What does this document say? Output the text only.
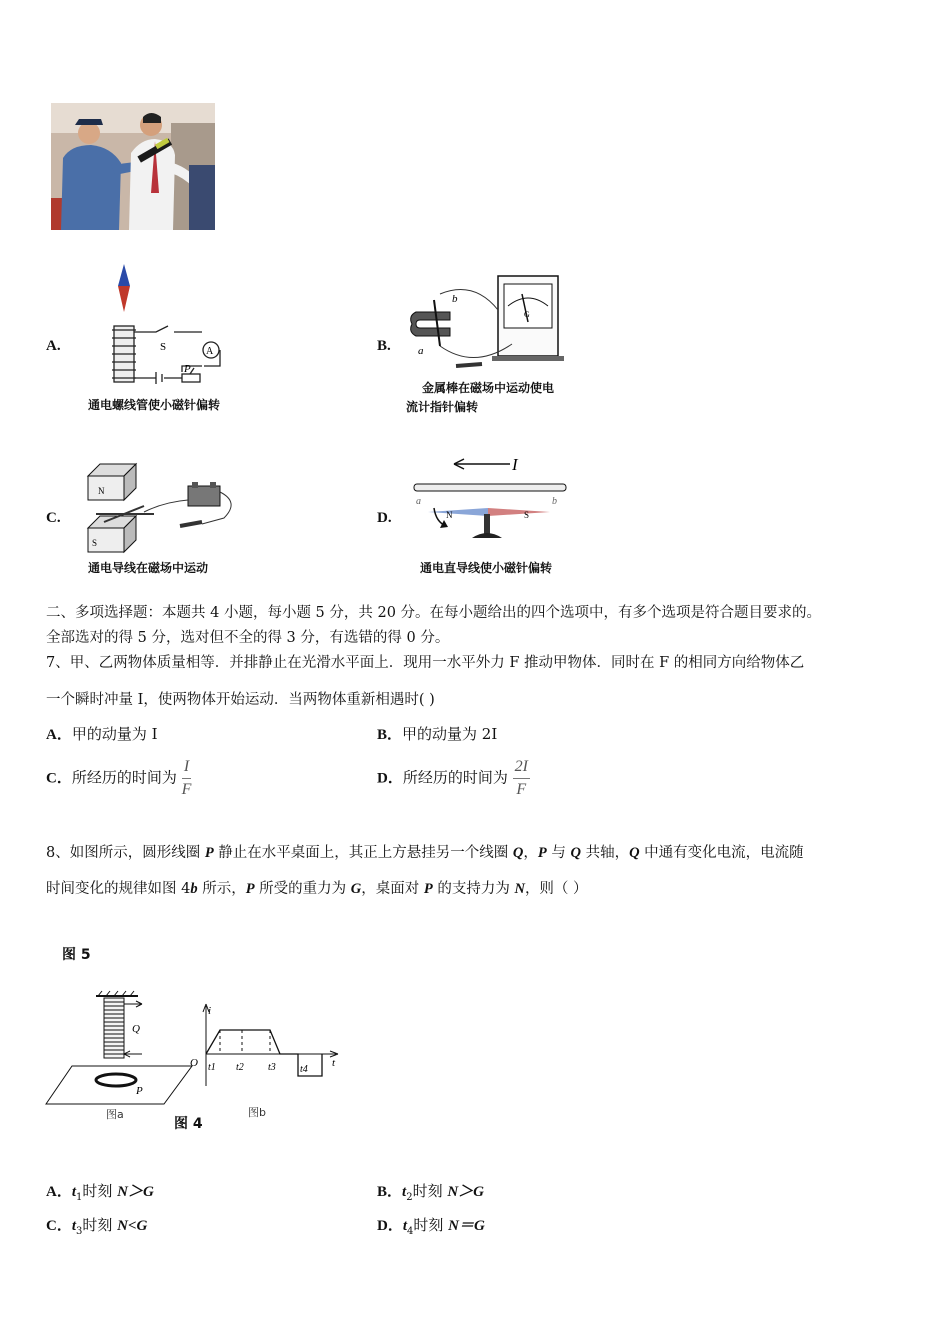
A.	A
S
P
通电螺线管使小磁针偏转
B.
b
a
G
金属棒在磁场中运动使电
流计指针偏转
C.
N
S
通电导线在磁场中运动
D.
I
a	b
N	S
通电直导线使小磁针偏转
二、多项选择题：本题共 4 小题，每小题 5 分，共 20 分。在每小题给出的四个选项中，有多个选项是符合题目要求的。
全部选对的得 5 分，选对但不全的得 3 分，有选错的得 0 分。
7、甲、乙两物体质量相等．并排静止在光滑水平面上．现用一水平外力 F 推动甲物体．同时在 F 的相同方向给物体乙
一个瞬时冲量 I，使两物体开始运动．当两物体重新相遇时( )
A．甲的动量为 I	B．甲的动量为 2I
C．所经历的时间为 $\frac{I}{F}$	D．所经历的时间为 $\frac{2I}{F}$
8、如图所示，圆形线圈 P 静止在水平桌面上，其正上方悬挂另一个线圈 Q，P 与 Q 共轴，Q 中通有变化电流，电流随
时间变化的规律如图 4b 所示，P 所受的重力为 G，桌面对 P 的支持力为 N，则（ ）
图 5
Q
P
图a
图 4
i
O	t
t1 t2 t3 t4
图b
A．$t_1$时刻 N＞G	B．$t_2$时刻 N＞G
C．$t_3$时刻 N<G	D．$t_4$时刻 N＝G
